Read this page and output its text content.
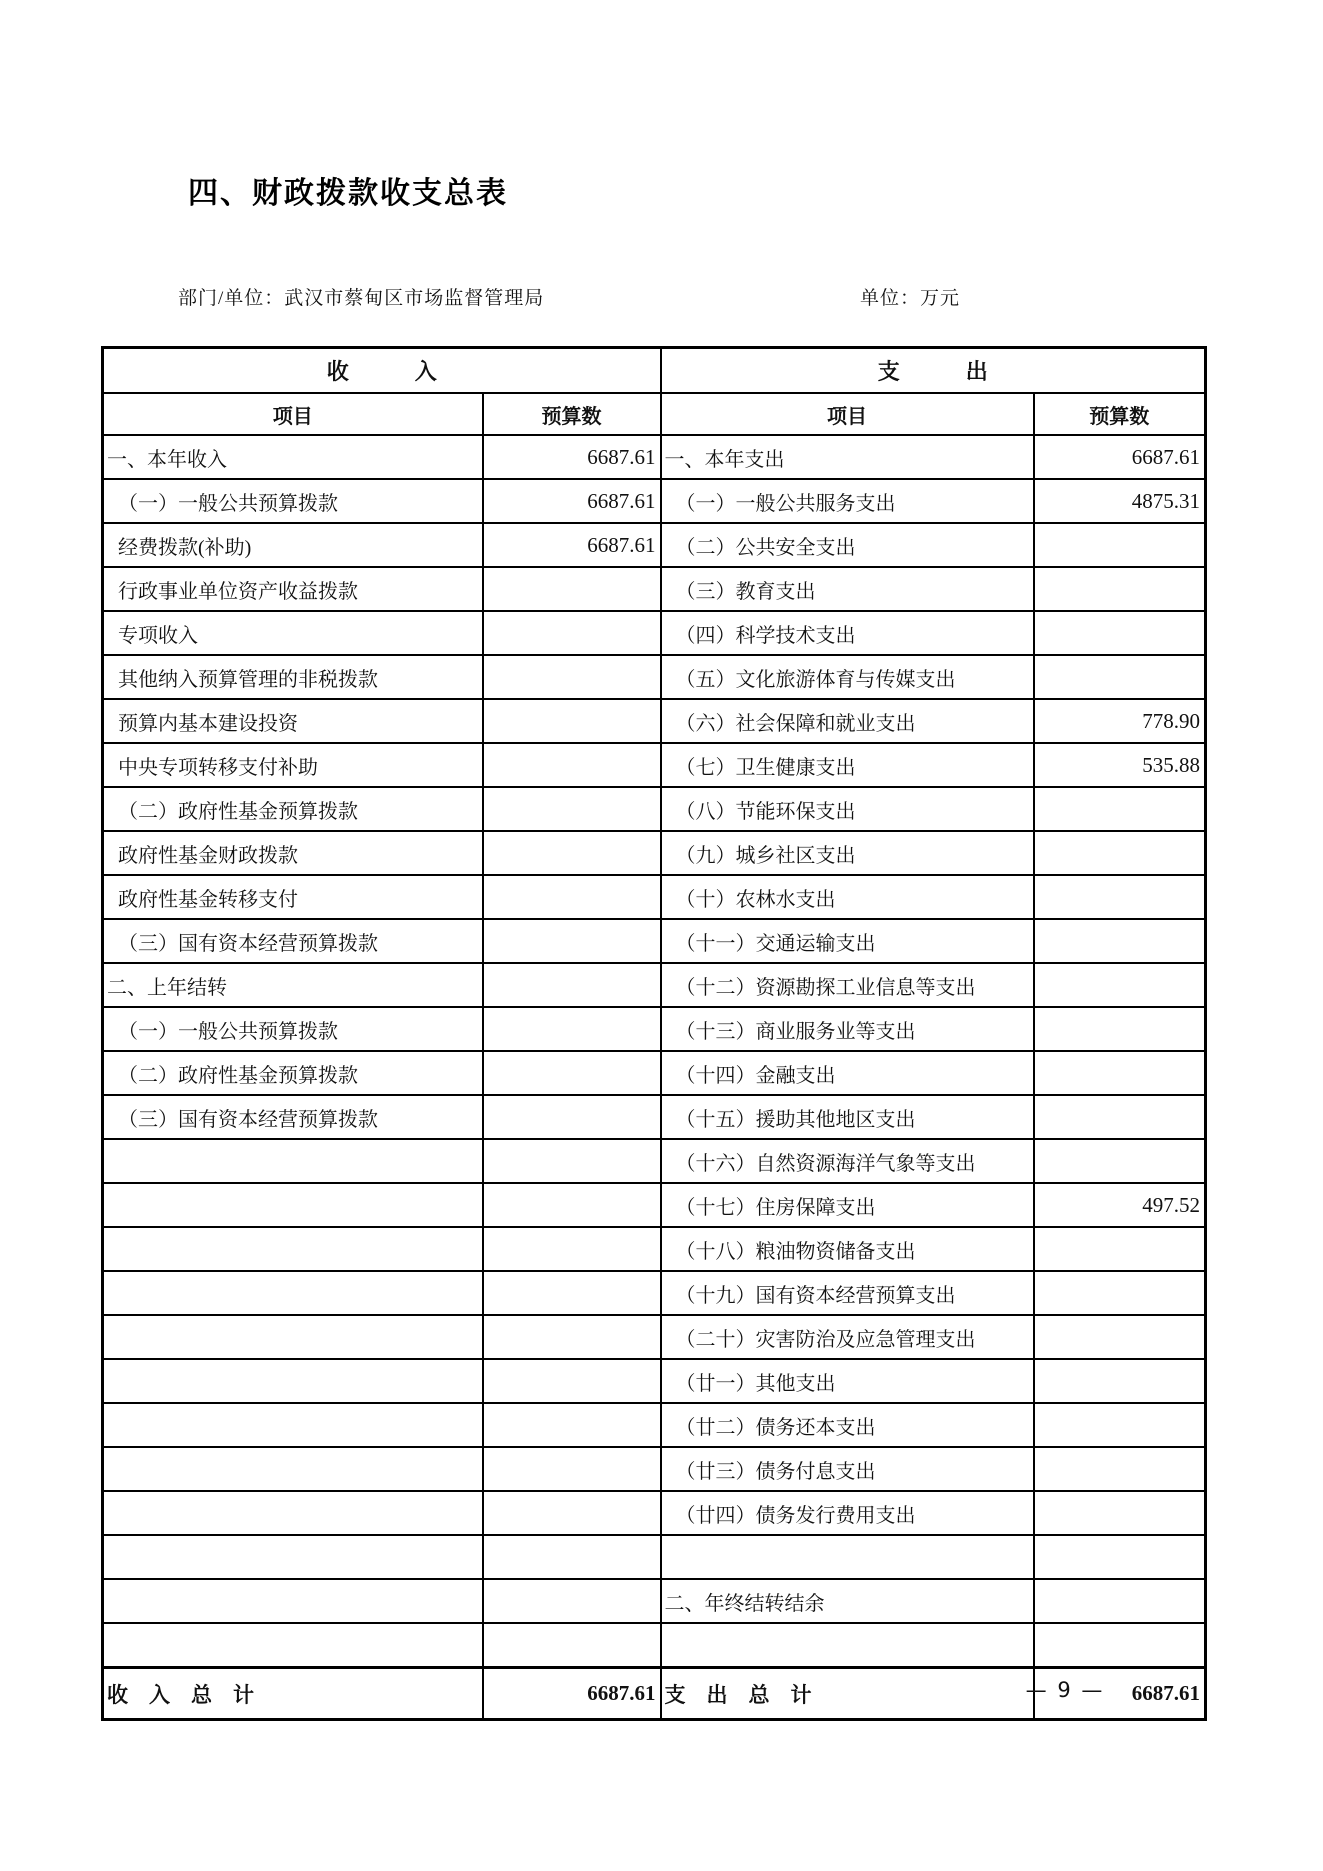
四、财政拨款收支总表
部门/单位：武汉市蔡甸区市场监督管理局	单位：万元
收　　　入		支　　　出	
项目	预算数	项目	预算数
一、本年收入	6687.61	一、本年支出	6687.61
（一）一般公共预算拨款	6687.61	（一）一般公共服务支出	4875.31
经费拨款(补助)	6687.61	（二）公共安全支出	
行政事业单位资产收益拨款		（三）教育支出	
专项收入		（四）科学技术支出	
其他纳入预算管理的非税拨款		（五）文化旅游体育与传媒支出	
预算内基本建设投资		（六）社会保障和就业支出	778.90
中央专项转移支付补助		（七）卫生健康支出	535.88
（二）政府性基金预算拨款		（八）节能环保支出	
政府性基金财政拨款		（九）城乡社区支出	
政府性基金转移支付		（十）农林水支出	
（三）国有资本经营预算拨款		（十一）交通运输支出	
二、上年结转		（十二）资源勘探工业信息等支出	
（一）一般公共预算拨款		（十三）商业服务业等支出	
（二）政府性基金预算拨款		（十四）金融支出	
（三）国有资本经营预算拨款		（十五）援助其他地区支出	
		（十六）自然资源海洋气象等支出	
		（十七）住房保障支出	497.52
		（十八）粮油物资储备支出	
		（十九）国有资本经营预算支出	
		（二十）灾害防治及应急管理支出	
		（廿一）其他支出	
		（廿二）债务还本支出	
		（廿三）债务付息支出	
		（廿四）债务发行费用支出	

		二、年终结转结余	

收　入　总　计	6687.61	支　出　总　计	6687.61
— 9 —
